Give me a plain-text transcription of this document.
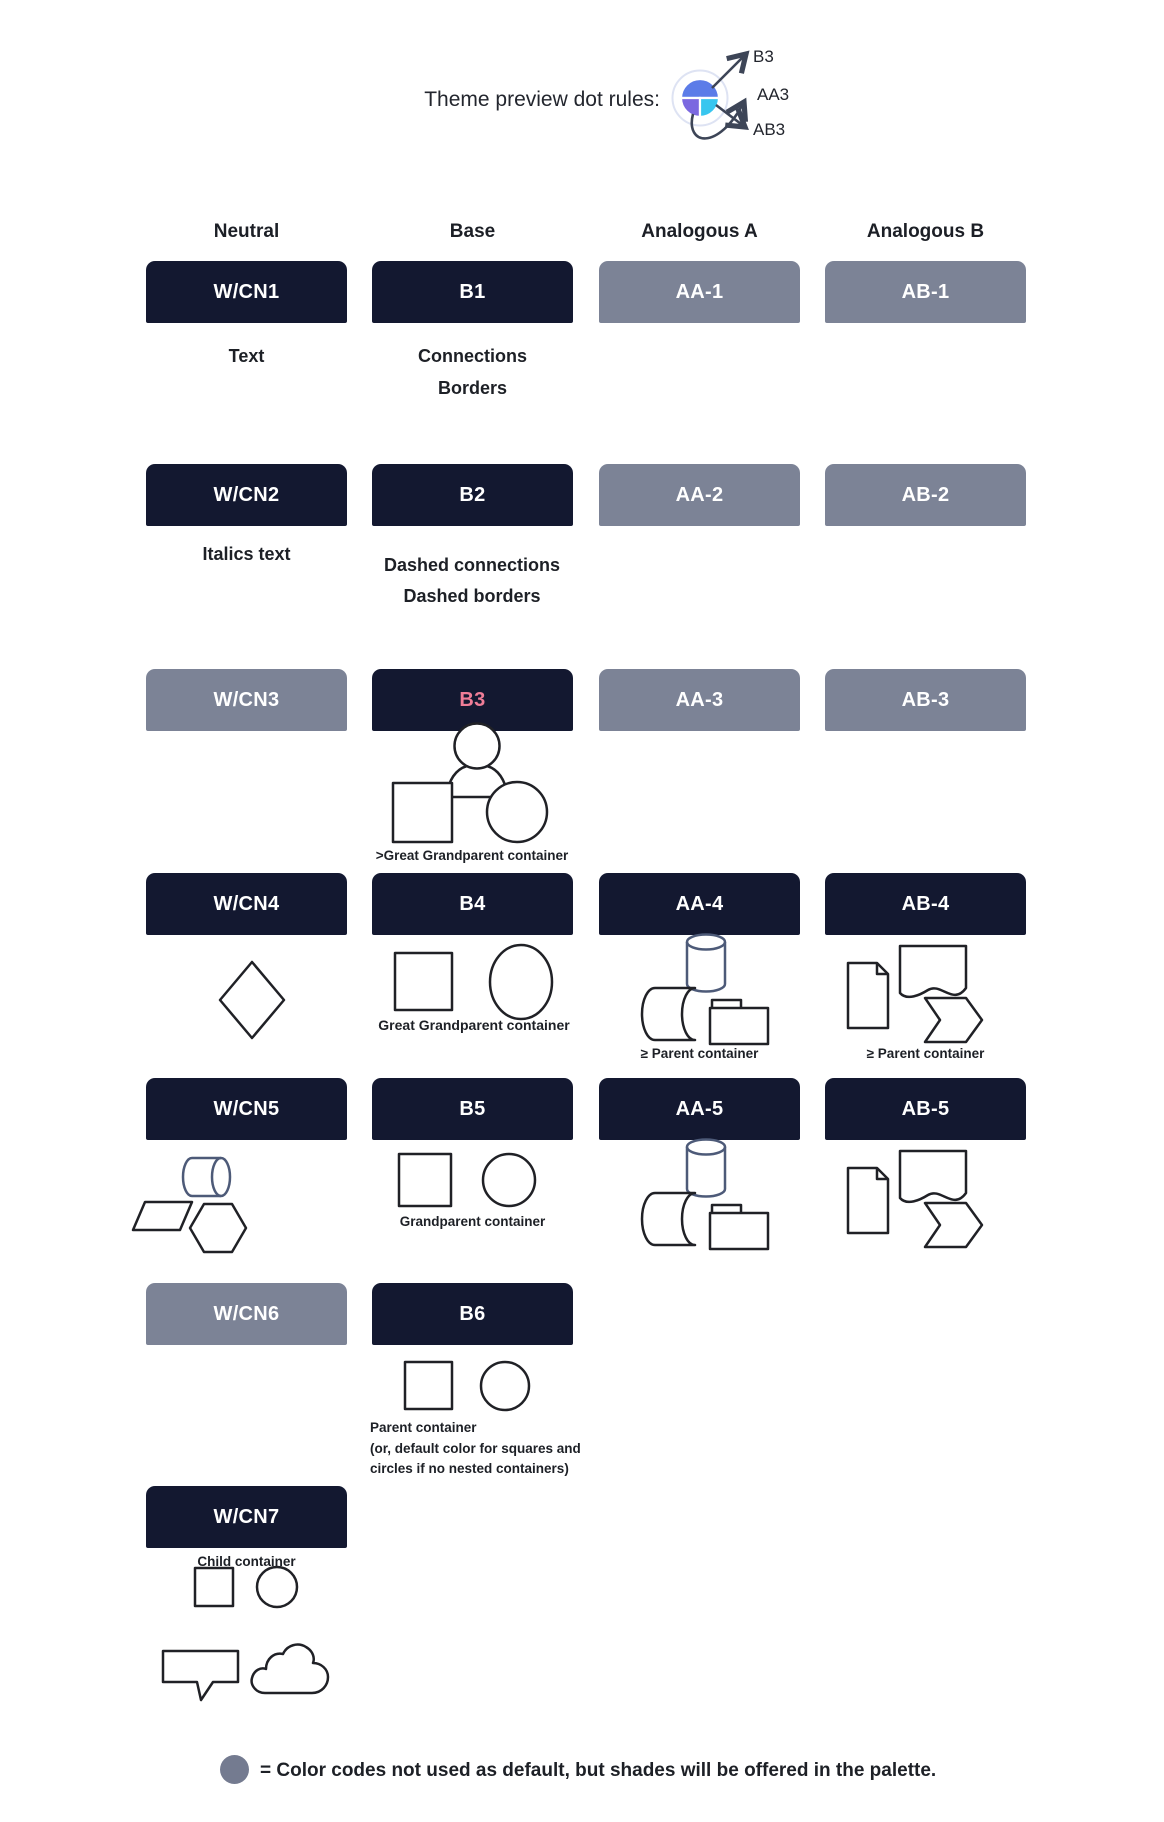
Theme preview dot rules:
B3
AA3
AB3
Neutral	Base	Analogous A	Analogous B
W/CN1	B1	AA-1	AB-1
Text	Connections
Borders
W/CN2	B2	AA-2	AB-2
Italics text
Dashed connections
Dashed borders
W/CN3	B3	AA-3	AB-3
>Great Grandparent container
W/CN4	B4	AA-4	AB-4
Great Grandparent container
≥ Parent container	≥ Parent container
W/CN5	B5	AA-5	AB-5
Grandparent container
W/CN6	B6
Parent container
(or, default color for squares and
circles if no nested containers)
W/CN7
Child container
= Color codes not used as default, but shades will be offered in the palette.
